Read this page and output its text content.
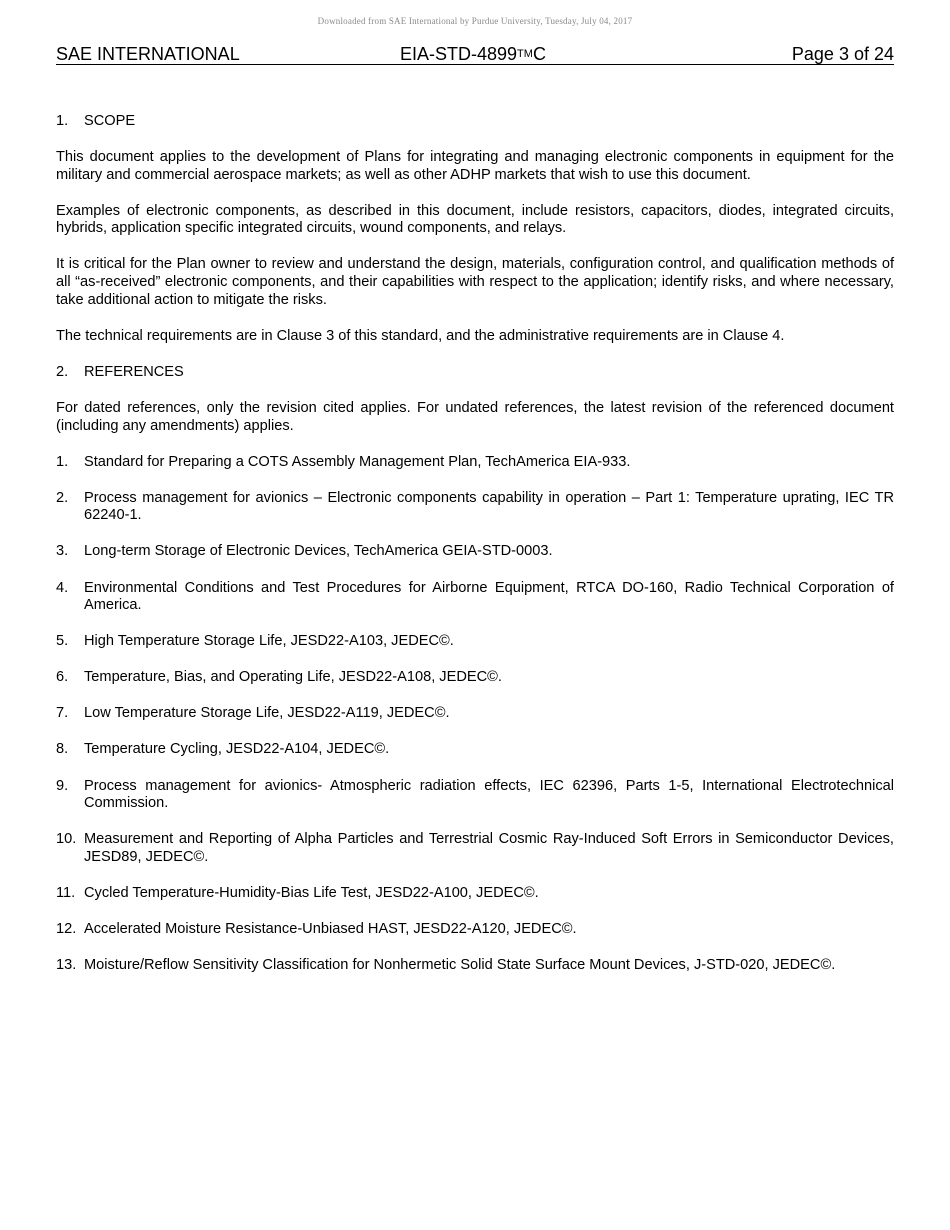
Downloaded from SAE International by Purdue University, Tuesday, July 04, 2017
SAE INTERNATIONAL	EIA-STD-4899TMC	Page 3 of 24
1. SCOPE

This document applies to the development of Plans for integrating and managing electronic components in equipment for the military and commercial aerospace markets; as well as other ADHP markets that wish to use this document.

Examples of electronic components, as described in this document, include resistors, capacitors, diodes, integrated circuits, hybrids, application specific integrated circuits, wound components, and relays.

It is critical for the Plan owner to review and understand the design, materials, configuration control, and qualification methods of all “as-received” electronic components, and their capabilities with respect to the application; identify risks, and where necessary, take additional action to mitigate the risks.

The technical requirements are in Clause 3 of this standard, and the administrative requirements are in Clause 4.

2. REFERENCES

For dated references, only the revision cited applies. For undated references, the latest revision of the referenced document (including any amendments) applies.

1. Standard for Preparing a COTS Assembly Management Plan, TechAmerica EIA-933.
2. Process management for avionics – Electronic components capability in operation – Part 1: Temperature uprating, IEC TR 62240-1.
3. Long-term Storage of Electronic Devices, TechAmerica GEIA-STD-0003.
4. Environmental Conditions and Test Procedures for Airborne Equipment, RTCA DO-160, Radio Technical Corporation of America.
5. High Temperature Storage Life, JESD22-A103, JEDEC©.
6. Temperature, Bias, and Operating Life, JESD22-A108, JEDEC©.
7. Low Temperature Storage Life, JESD22-A119, JEDEC©.
8. Temperature Cycling, JESD22-A104, JEDEC©.
9. Process management for avionics- Atmospheric radiation effects, IEC 62396, Parts 1-5, International Electrotechnical Commission.
10. Measurement and Reporting of Alpha Particles and Terrestrial Cosmic Ray-Induced Soft Errors in Semiconductor Devices, JESD89, JEDEC©.
11. Cycled Temperature-Humidity-Bias Life Test, JESD22-A100, JEDEC©.
12. Accelerated Moisture Resistance-Unbiased HAST, JESD22-A120, JEDEC©.
13. Moisture/Reflow Sensitivity Classification for Nonhermetic Solid State Surface Mount Devices, J-STD-020, JEDEC©.
